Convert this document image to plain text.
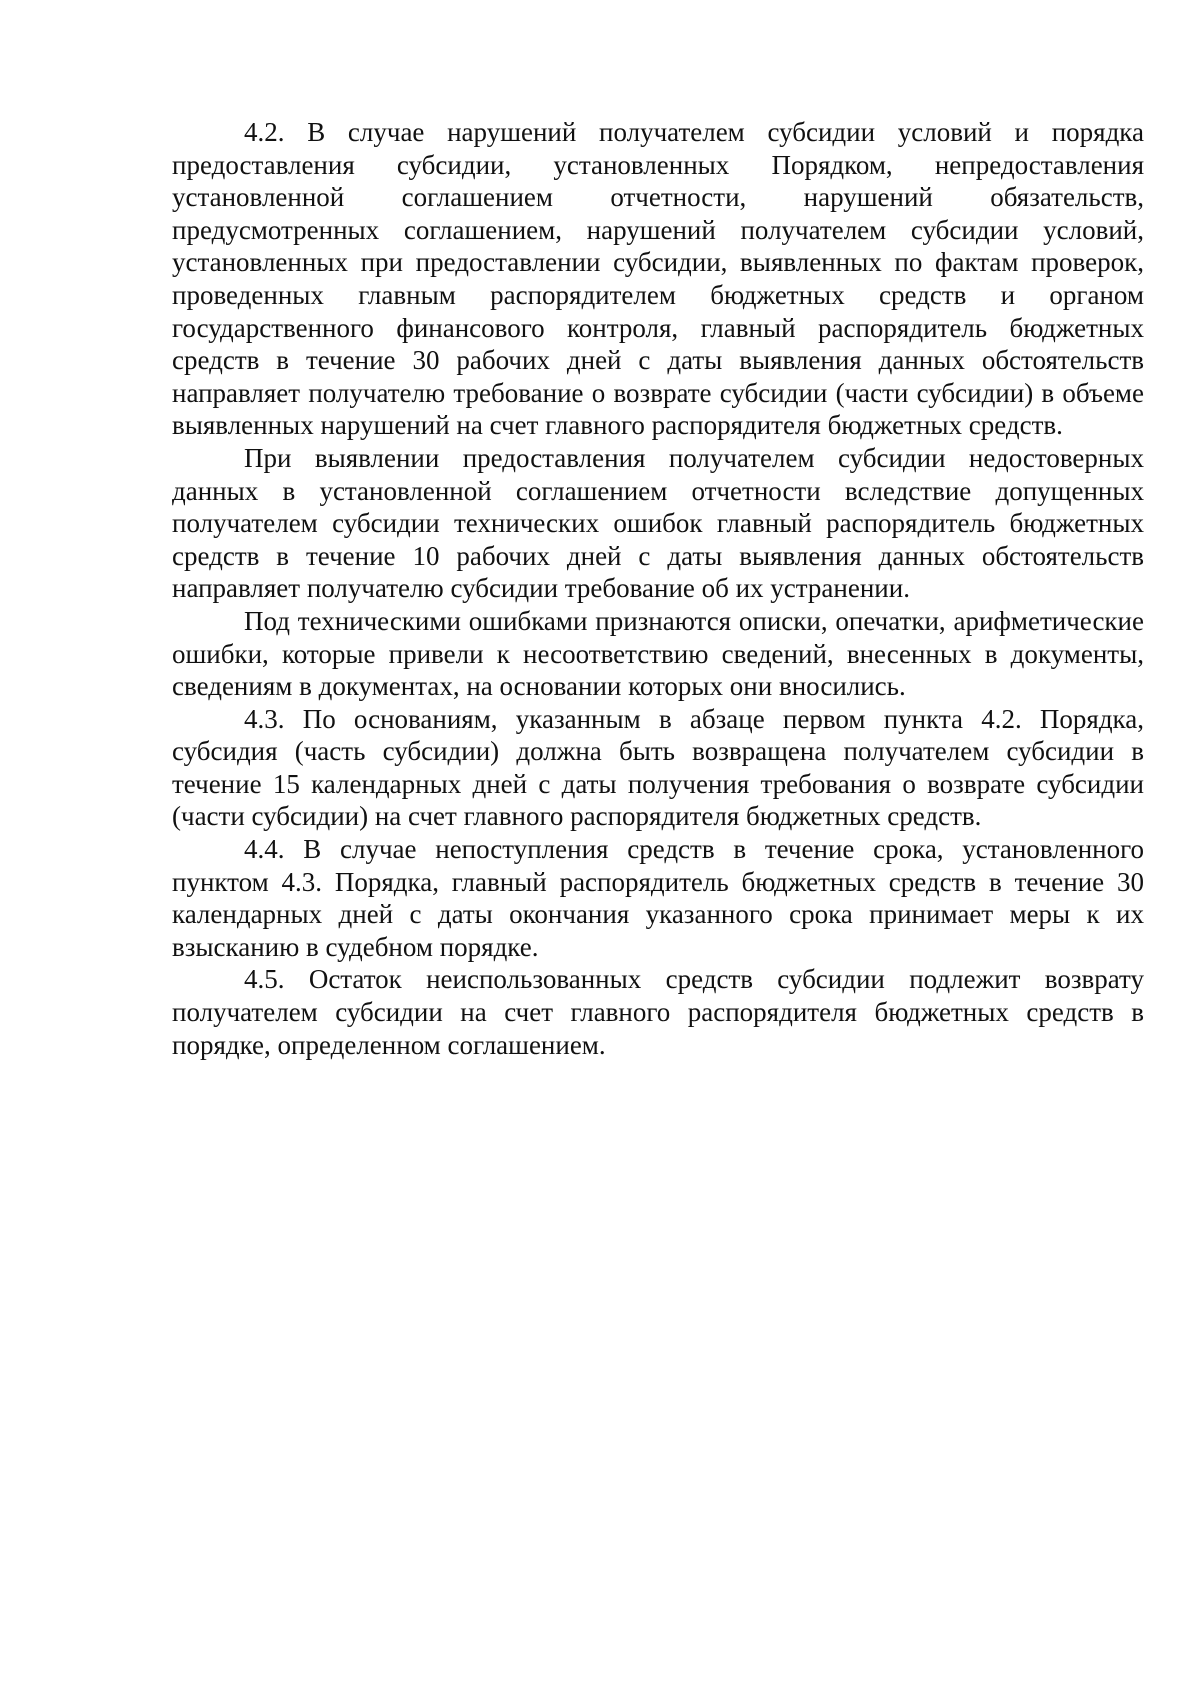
4.2. В случае нарушений получателем субсидии условий и порядка предоставления субсидии, установленных Порядком, непредоставления установленной соглашением отчетности, нарушений обязательств, предусмотренных соглашением, нарушений получателем субсидии условий, установленных при предоставлении субсидии, выявленных по фактам проверок, проведенных главным распорядителем бюджетных средств и органом государственного финансового контроля, главный распорядитель бюджетных средств в течение 30 рабочих дней с даты выявления данных обстоятельств направляет получателю требование о возврате субсидии (части субсидии) в объеме выявленных нарушений на счет главного распорядителя бюджетных средств.

При выявлении предоставления получателем субсидии недостоверных данных в установленной соглашением отчетности вследствие допущенных получателем субсидии технических ошибок главный распорядитель бюджетных средств в течение 10 рабочих дней с даты выявления данных обстоятельств направляет получателю субсидии требование об их устранении.

Под техническими ошибками признаются описки, опечатки, арифметические ошибки, которые привели к несоответствию сведений, внесенных в документы, сведениям в документах, на основании которых они вносились.

4.3. По основаниям, указанным в абзаце первом пункта 4.2. Порядка, субсидия (часть субсидии) должна быть возвращена получателем субсидии в течение 15 календарных дней с даты получения требования о возврате субсидии (части субсидии) на счет главного распорядителя бюджетных средств.

4.4. В случае непоступления средств в течение срока, установленного пунктом 4.3. Порядка, главный распорядитель бюджетных средств в течение 30 календарных дней с даты окончания указанного срока принимает меры к их взысканию в судебном порядке.

4.5. Остаток неиспользованных средств субсидии подлежит возврату получателем субсидии на счет главного распорядителя бюджетных средств в порядке, определенном соглашением.
